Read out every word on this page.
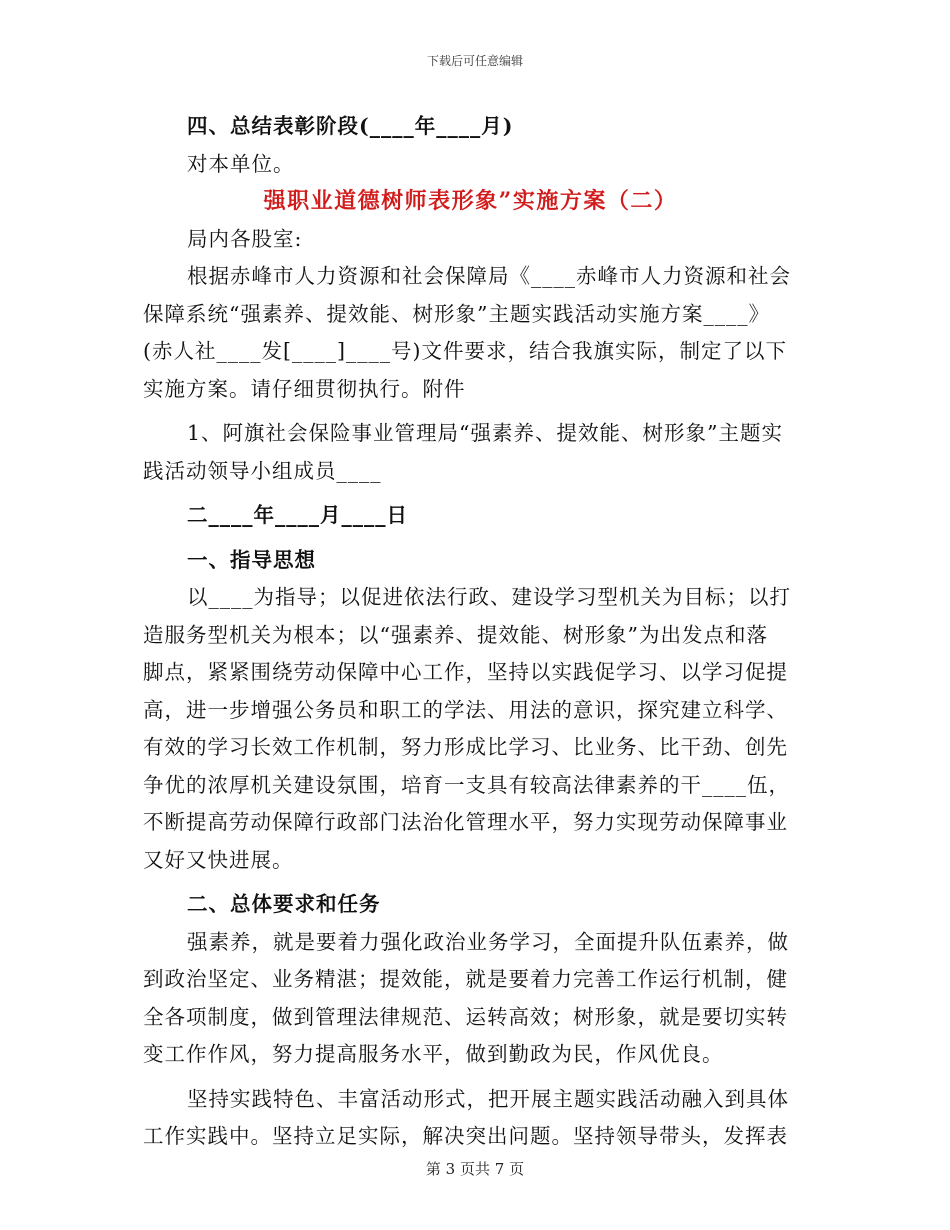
下载后可任意编辑
四、总结表彰阶段(____年____月)
对本单位。
强职业道德树师表形象”实施方案（二）
局内各股室:
根据赤峰市人力资源和社会保障局《____赤峰市人力资源和社会
保障系统“强素养、提效能、树形象”主题实践活动实施方案____》
(赤人社____发[____]____号)文件要求，结合我旗实际，制定了以下
实施方案。请仔细贯彻执行。附件
1、阿旗社会保险事业管理局“强素养、提效能、树形象”主题实
践活动领导小组成员____
二____年____月____日
一、指导思想
以____为指导；以促进依法行政、建设学习型机关为目标；以打
造服务型机关为根本；以“强素养、提效能、树形象”为出发点和落
脚点，紧紧围绕劳动保障中心工作，坚持以实践促学习、以学习促提
高，进一步增强公务员和职工的学法、用法的意识，探究建立科学、
有效的学习长效工作机制，努力形成比学习、比业务、比干劲、创先
争优的浓厚机关建设氛围，培育一支具有较高法律素养的干____伍，
不断提高劳动保障行政部门法治化管理水平，努力实现劳动保障事业
又好又快进展。
二、总体要求和任务
强素养，就是要着力强化政治业务学习，全面提升队伍素养，做
到政治坚定、业务精湛；提效能，就是要着力完善工作运行机制，健
全各项制度，做到管理法律规范、运转高效；树形象，就是要切实转
变工作作风，努力提高服务水平，做到勤政为民，作风优良。
坚持实践特色、丰富活动形式，把开展主题实践活动融入到具体
工作实践中。坚持立足实际，解决突出问题。坚持领导带头，发挥表
第 3 页共 7 页
